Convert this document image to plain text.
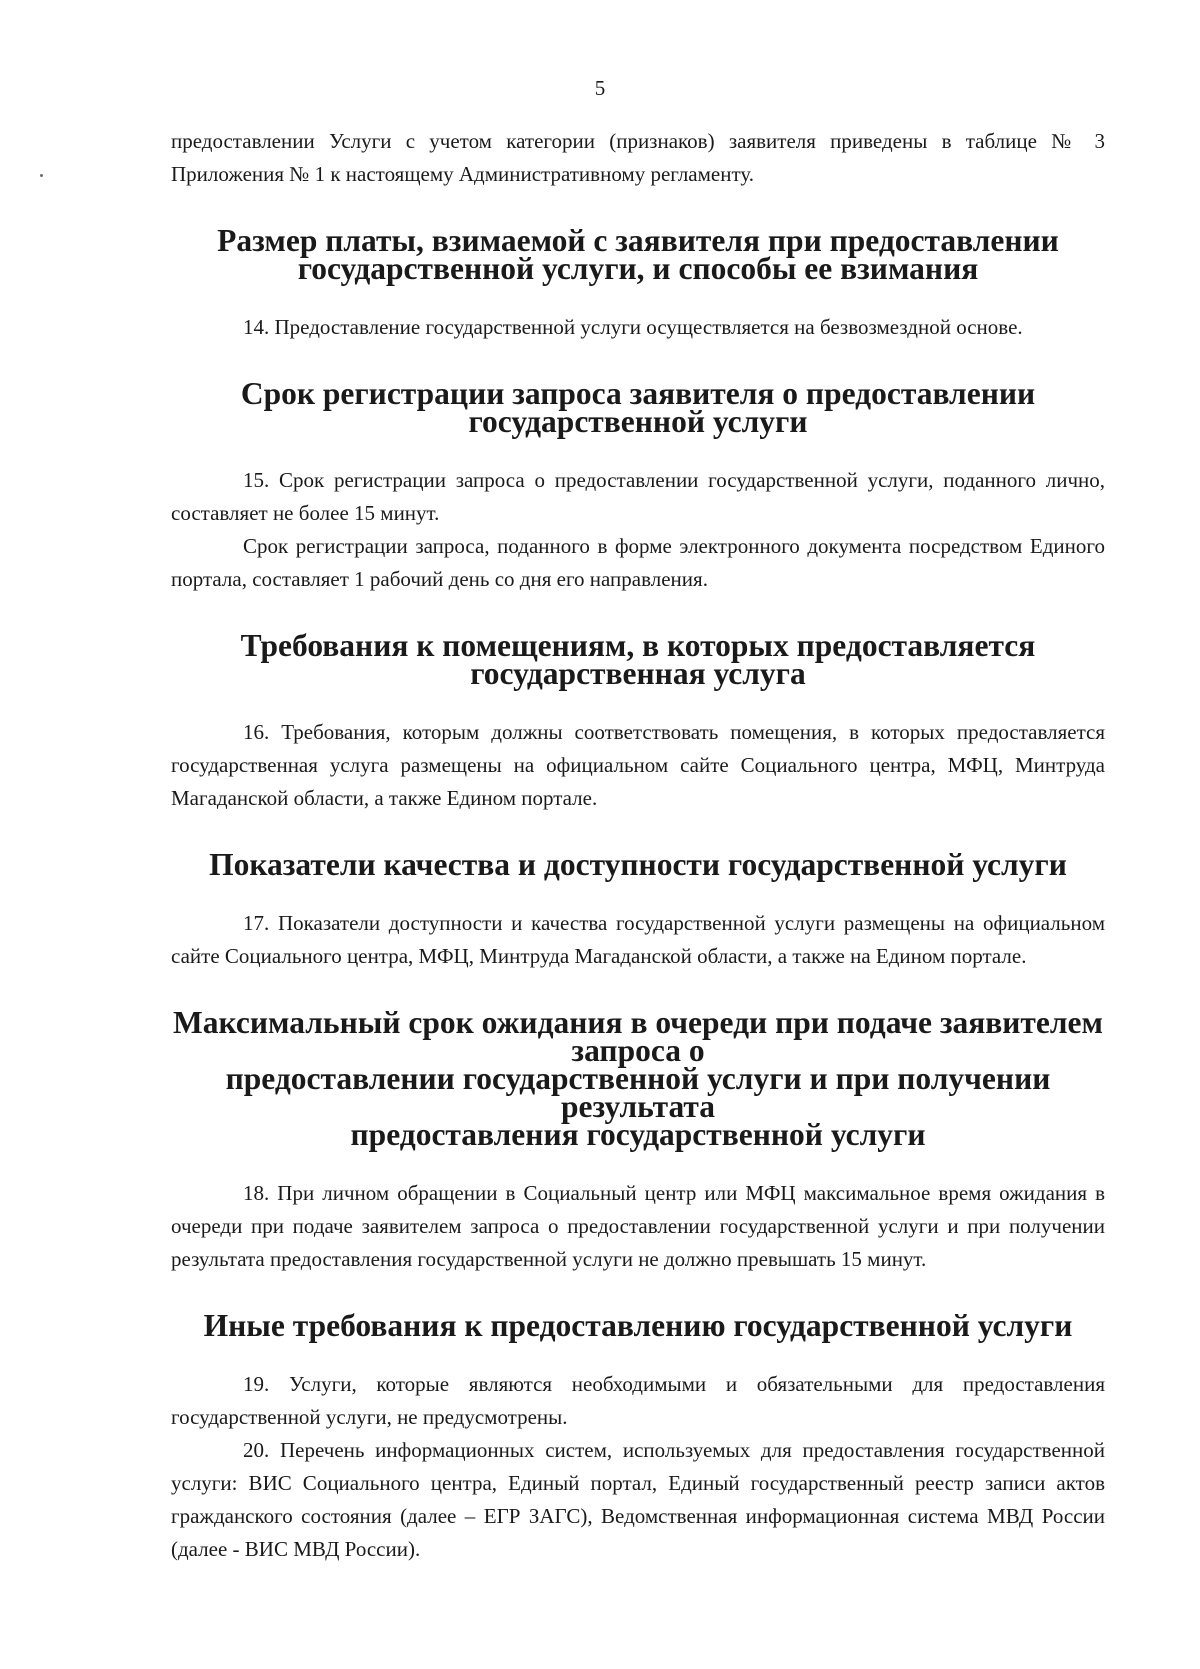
5

предоставлении Услуги с учетом категории (признаков) заявителя приведены в таблице № 3 Приложения № 1 к настоящему Административному регламенту.

Размер платы, взимаемой с заявителя при предоставлении
государственной услуги, и способы ее взимания

14. Предоставление государственной услуги осуществляется на безвозмездной основе.

Срок регистрации запроса заявителя о предоставлении государственной услуги

15. Срок регистрации запроса о предоставлении государственной услуги, поданного лично, составляет не более 15 минут.

Срок регистрации запроса, поданного в форме электронного документа посредством Единого портала, составляет 1 рабочий день со дня его направления.

Требования к помещениям, в которых предоставляется
государственная услуга

16. Требования, которым должны соответствовать помещения, в которых предоставляется государственная услуга размещены на официальном сайте Социального центра, МФЦ, Минтруда Магаданской области, а также Едином портале.

Показатели качества и доступности государственной услуги

17. Показатели доступности и качества государственной услуги размещены на официальном сайте Социального центра, МФЦ, Минтруда Магаданской области, а также на Едином портале.

Максимальный срок ожидания в очереди при подаче заявителем запроса о
предоставлении государственной услуги и при получении результата
предоставления государственной услуги

18. При личном обращении в Социальный центр или МФЦ максимальное время ожидания в очереди при подаче заявителем запроса о предоставлении государственной услуги и при получении результата предоставления государственной услуги не должно превышать 15 минут.

Иные требования к предоставлению государственной услуги

19. Услуги, которые являются необходимыми и обязательными для предоставления государственной услуги, не предусмотрены.

20. Перечень информационных систем, используемых для предоставления государственной услуги: ВИС Социального центра, Единый портал, Единый государственный реестр записи актов гражданского состояния (далее – ЕГР ЗАГС), Ведомственная информационная система МВД России (далее - ВИС МВД России).
